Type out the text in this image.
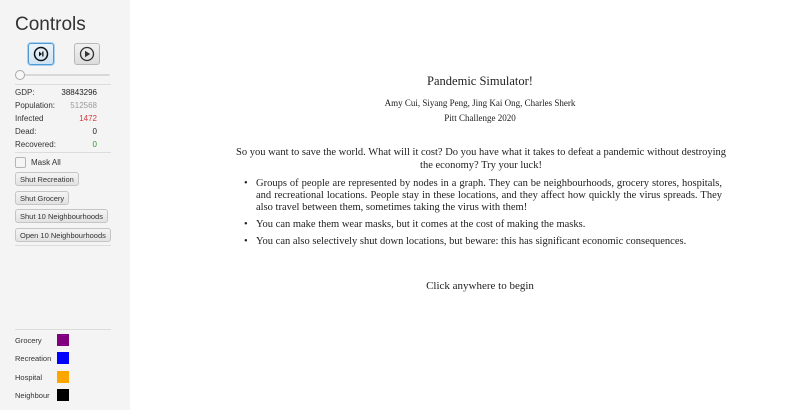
Controls
GDP:	38843296
Population: 512568
Infected	1472
Dead:	0
Recovered:	0
Mask All
Shut Recreation
Shut Grocery
Shut 10 Neighbourhoods
Open 10 Neighbourhoods
Grocery
Recreation
Hospital
Neighbour
Pandemic Simulator!
Amy Cui, Siyang Peng, Jing Kai Ong, Charles Sherk
Pitt Challenge 2020
So you want to save the world. What will it cost? Do you have what it takes to defeat a pandemic without destroying the economy? Try your luck!
• Groups of people are represented by nodes in a graph. They can be neighbourhoods, grocery stores, hospitals, and recreational locations. People stay in these locations, and they affect how quickly the virus spreads. They also travel between them, sometimes taking the virus with them!
• You can make them wear masks, but it comes at the cost of making the masks.
• You can also selectively shut down locations, but beware: this has significant economic consequences.
Click anywhere to begin
